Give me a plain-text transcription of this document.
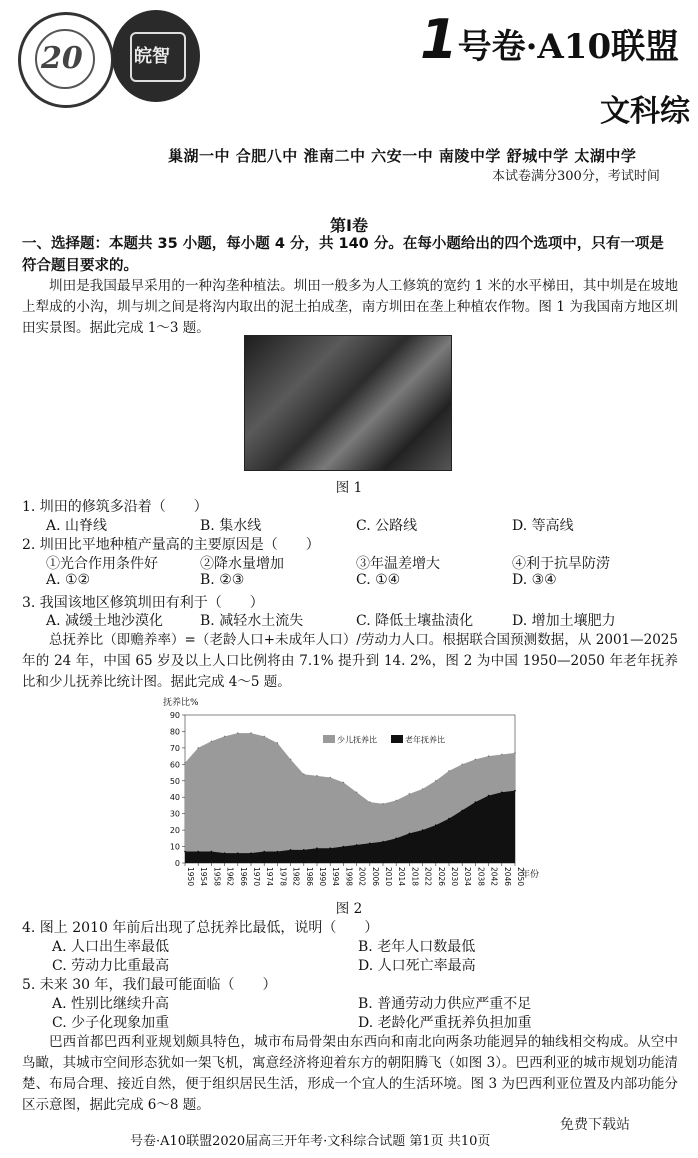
20	皖智	1号卷·A10联盟
文科综
巢湖一中 合肥八中 淮南二中 六安一中 南陵中学 舒城中学 太湖中学
本试卷满分300分，考试时间
第Ⅰ卷
一、选择题：本题共 35 小题，每小题 4 分，共 140 分。在每小题给出的四个选项中，只有一项是符合题目要求的。
圳田是我国最早采用的一种沟垄种植法。圳田一般多为人工修筑的宽约 1 米的水平梯田，其中圳是在坡地上犁成的小沟，圳与圳之间是将沟内取出的泥土拍成垄，南方圳田在垄上种植农作物。图 1 为我国南方地区圳田实景图。据此完成 1～3 题。
图 1
1. 圳田的修筑多沿着（　　）
A. 山脊线	B. 集水线	C. 公路线	D. 等高线
2. 圳田比平地种植产量高的主要原因是（　　）
①光合作用条件好	②降水量增加	③年温差增大	④利于抗旱防涝
A. ①②	B. ②③	C. ①④	D. ③④
3. 我国该地区修筑圳田有利于（　　）
A. 减缓土地沙漠化	B. 减轻水土流失	C. 降低土壤盐渍化	D. 增加土壤肥力
总抚养比（即赡养率）=（老龄人口+未成年人口）/劳动力人口。根据联合国预测数据，从 2001—2025 年的 24 年，中国 65 岁及以上人口比例将由 7.1% 提升到 14. 2%，图 2 为中国 1950—2050 年老年抚养比和少儿抚养比统计图。据此完成 4～5 题。
0
10
20
30
40
50
60
70
80
90
抚养比%
1950 1954 1958 1962 1966 1970 1974 1978 1982 1986 1990 1994 1998 2002 2006 2010 2014 2018 2022 2026 2030 2034 2038 2042 2046 2050
年份
少儿抚养比	老年抚养比
图 2
4. 图上 2010 年前后出现了总抚养比最低，说明（　　）
A. 人口出生率最低	B. 老年人口数最低
C. 劳动力比重最高	D. 人口死亡率最高
5. 未来 30 年，我们最可能面临（　　）
A. 性别比继续升高	B. 普通劳动力供应严重不足
C. 少子化现象加重	D. 老龄化严重抚养负担加重
巴西首都巴西利亚规划颇具特色，城市布局骨架由东西向和南北向两条功能迥异的轴线相交构成。从空中鸟瞰，其城市空间形态犹如一架飞机，寓意经济将迎着东方的朝阳腾飞（如图 3）。巴西利亚的城市规划功能清楚、布局合理、接近自然，便于组织居民生活，形成一个宜人的生活环境。图 3 为巴西利亚位置及内部功能分区示意图，据此完成 6～8 题。
免费下载站
号卷·A10联盟2020届高三开年考·文科综合试题 第1页 共10页
